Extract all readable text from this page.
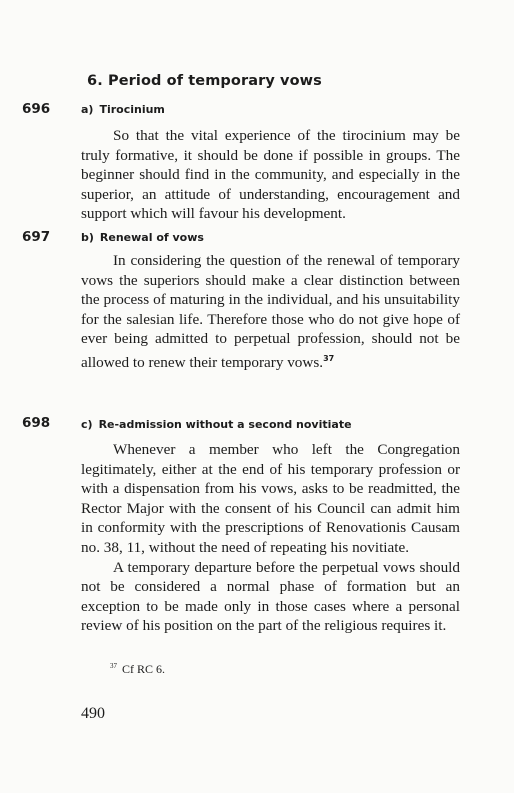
6. Period of temporary vows
696	a) Tirocinium

So that the vital experience of the tirocinium may be truly formative, it should be done if possible in groups. The beginner should find in the community, and especially in the superior, an attitude of understanding, encouragement and support which will favour his development.

697	b) Renewal of vows

In considering the question of the renewal of temporary vows the superiors should make a clear distinction between the process of maturing in the individual, and his unsuitability for the salesian life. Therefore those who do not give hope of ever being admitted to perpetual profession, should not be allowed to renew their temporary vows.$^{37}$

698	c) Re-admission without a second novitiate

Whenever a member who left the Congregation legitimately, either at the end of his temporary profession or with a dispensation from his vows, asks to be readmitted, the Rector Major with the consent of his Council can admit him in conformity with the prescriptions of Renovationis Causam no. 38, 11, without the need of repeating his novitiate.

A temporary departure before the perpetual vows should not be considered a normal phase of formation but an exception to be made only in those cases where a personal review of his position on the part of the religious requires it.

$^{37}$ Cf RC 6.
490
